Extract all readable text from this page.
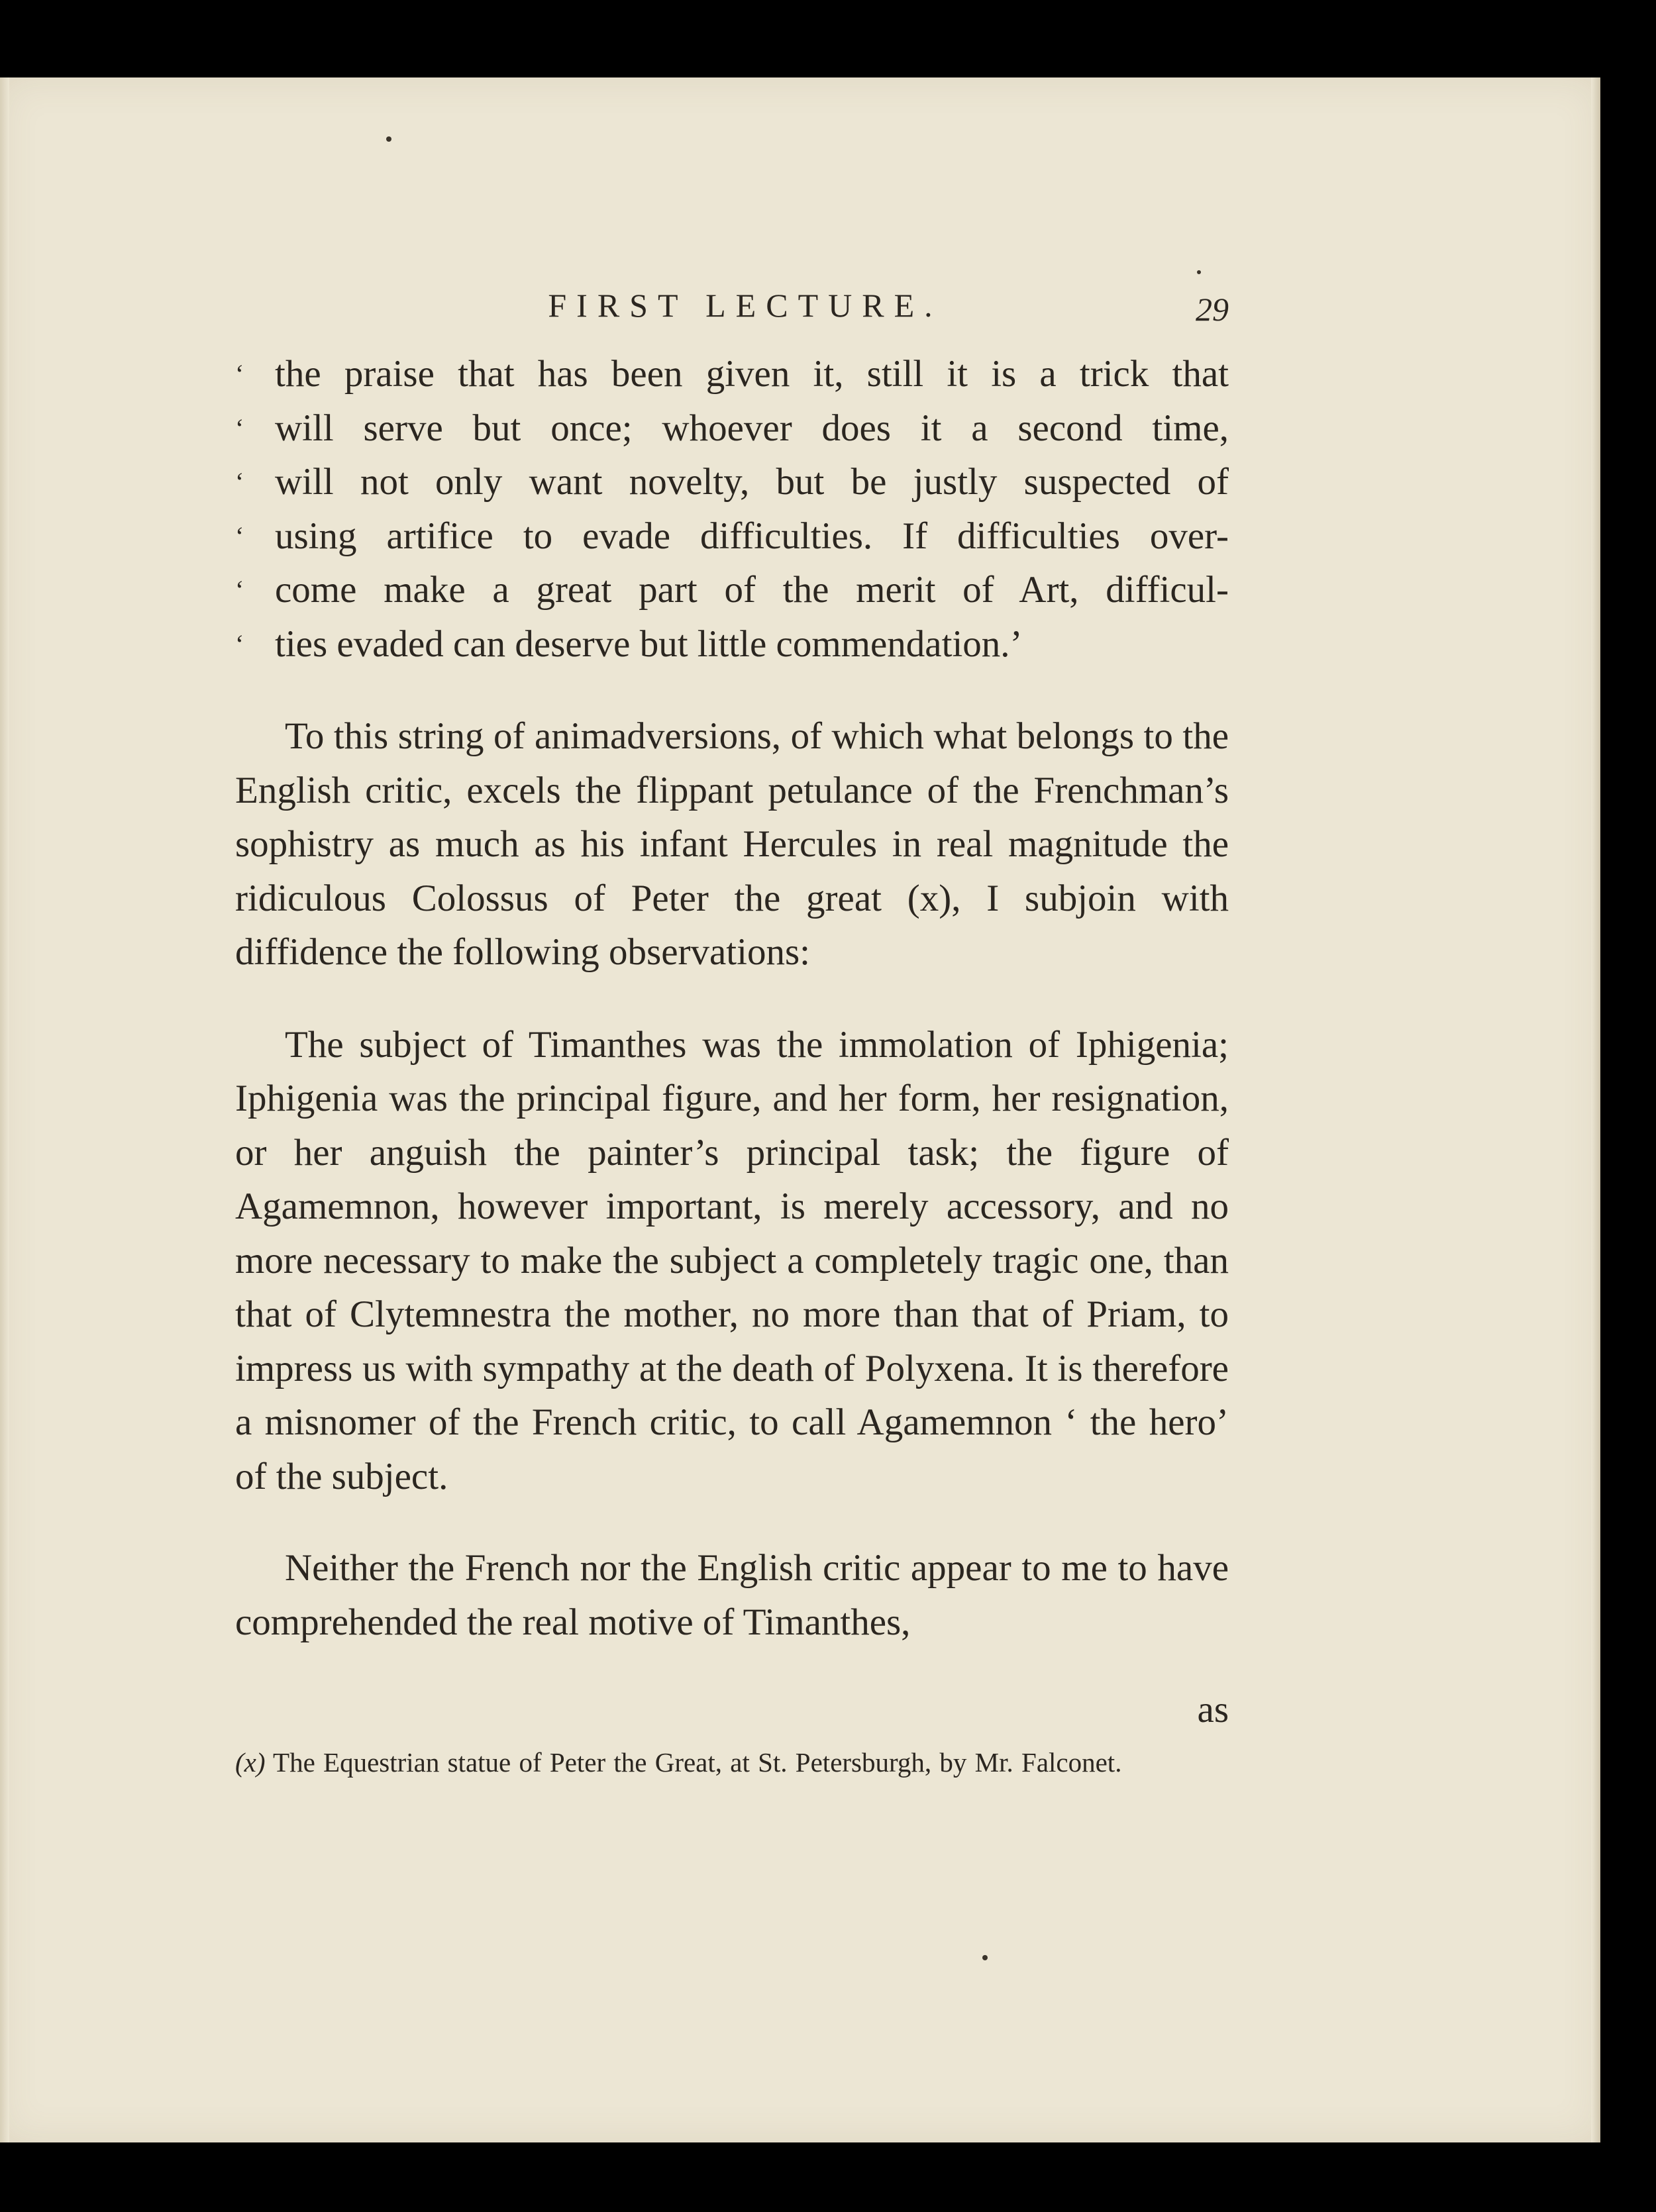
FIRST LECTURE.	29
‘ the praise that has been given it, still it is a trick that
‘ will serve but once; whoever does it a second time,
‘ will not only want novelty, but be justly suspected of
‘ using artifice to evade difficulties. If difficulties over-
‘ come make a great part of the merit of Art, difficul-
‘ ties evaded can deserve but little commendation.’

To this string of animadversions, of which what belongs to the English critic, excels the flippant petulance of the Frenchman’s sophistry as much as his infant Hercules in real magnitude the ridiculous Colossus of Peter the great (x), I subjoin with diffidence the following observations:

The subject of Timanthes was the immolation of Iphigenia; Iphigenia was the principal figure, and her form, her resignation, or her anguish the painter’s principal task; the figure of Agamemnon, however important, is merely accessory, and no more necessary to make the subject a completely tragic one, than that of Clytemnestra the mother, no more than that of Priam, to impress us with sympathy at the death of Polyxena. It is therefore a misnomer of the French critic, to call Agamemnon ‘ the hero’ of the subject.

Neither the French nor the English critic appear to me to have comprehended the real motive of Timanthes,

as
(x) The Equestrian statue of Peter the Great, at St. Petersburgh, by Mr. Falconet.
